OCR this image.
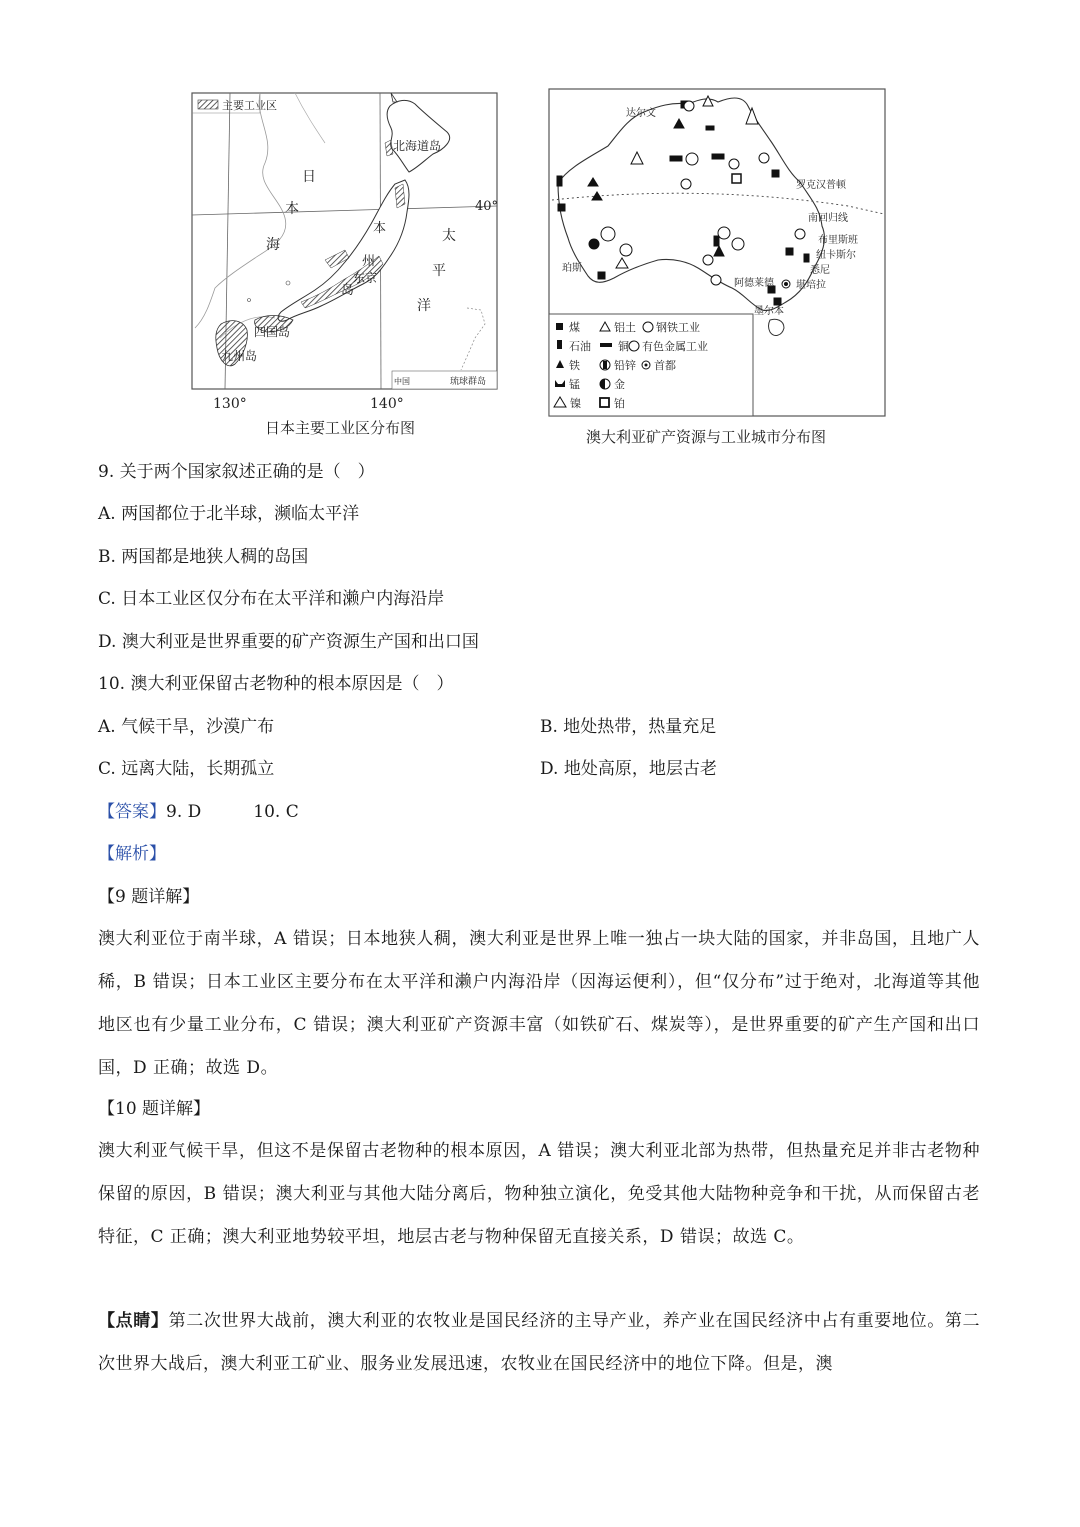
主要工业区
中国	琉球群岛
日
本
海
北海道岛
本
州
岛
东京
太
平
洋
四国岛
九州岛
40°
130°	140°
日本主要工业区分布图
达尔文
罗克汉普顿
南回归线
布里斯班
纽卡斯尔
悉尼
堪培拉
阿德莱德
珀斯
墨尔本
煤	铝土 钢铁工业
石油 铜 有色金属工业
铁	铅锌 首都
锰	金
镍	铂
澳大利亚矿产资源与工业城市分布图
9. 关于两个国家叙述正确的是（　）
A. 两国都位于北半球，濒临太平洋
B. 两国都是地狭人稠的岛国
C. 日本工业区仅分布在太平洋和濑户内海沿岸
D. 澳大利亚是世界重要的矿产资源生产国和出口国
10. 澳大利亚保留古老物种的根本原因是（　）
A. 气候干旱，沙漠广布	B. 地处热带，热量充足
C. 远离大陆，长期孤立	D. 地处高原，地层古老
【答案】9. D	10. C
【解析】
【9 题详解】
澳大利亚位于南半球，A 错误；日本地狭人稠，澳大利亚是世界上唯一独占一块大陆的国家，并非岛国，且地广人稀，B 错误；日本工业区主要分布在太平洋和濑户内海沿岸（因海运便利），但“仅分布”过于绝对，北海道等其他地区也有少量工业分布，C 错误；澳大利亚矿产资源丰富（如铁矿石、煤炭等），是世界重要的矿产生产国和出口国，D 正确；故选 D。
【10 题详解】
澳大利亚气候干旱，但这不是保留古老物种的根本原因，A 错误；澳大利亚北部为热带，但热量充足并非古老物种保留的原因，B 错误；澳大利亚与其他大陆分离后，物种独立演化，免受其他大陆物种竞争和干扰，从而保留古老特征，C 正确；澳大利亚地势较平坦，地层古老与物种保留无直接关系，D 错误；故选 C。
【点睛】第二次世界大战前，澳大利亚的农牧业是国民经济的主导产业，养产业在国民经济中占有重要地位。第二次世界大战后，澳大利亚工矿业、服务业发展迅速，农牧业在国民经济中的地位下降。但是，澳
